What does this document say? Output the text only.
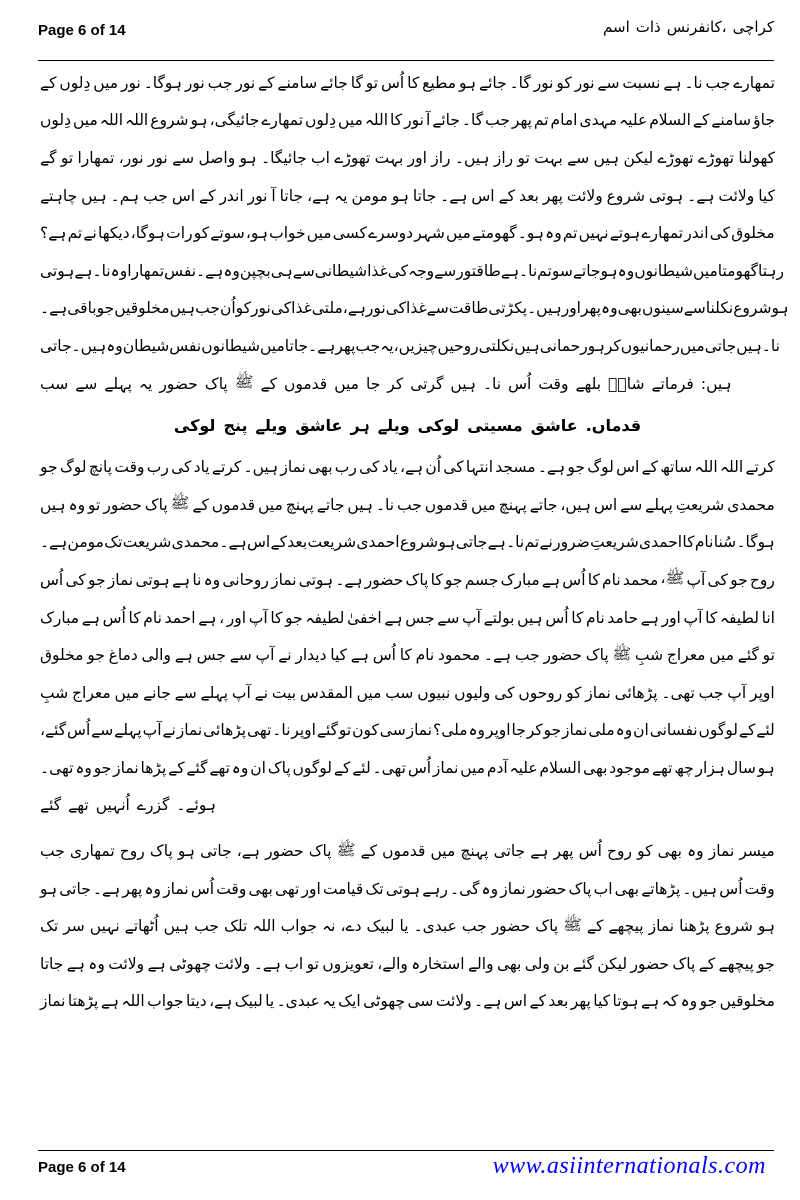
Page 6 of 14	اسم ذات کانفرنس، کراچی
کے دِلوں میں نور ہوگا۔ نور جب نور کے سامنے جائے گا تو اُس کا مطیع ہو جائے گا۔ نور کو نور سے نسبت ہے نا۔ جب تمھارے
دِلوں میں اللہ اللہ شروع ہو جائیگی، تمھارے دِلوں میں اللہ کا نور آ جائے گا۔ جب پھر تم امام مہدی علیہ السلام کے سامنے جاؤ
گے تو تمھارا نور، نور سے واصل ہو جائیگا۔ اب تھوڑے بہت اور راز ہیں۔ راز تو بہت سے ہیں لیکن تھوڑے تھوڑے کھولنا
چاہتے ہیں ہم۔ جب اس کے اندر نور آ جاتا ہے، یہ مومن ہو جاتا ہے۔ اس کے بعد پھر ولائت شروع ہوتی ہے۔ ولائت کیا
ہے؟ تم نے دیکھا ہوگا، رات کو سوتے ہو، خواب میں کسی دوسرے شہر میں گھومتے ہو۔ وہ تم نہیں ہوتے تمھارے اندر کی مخلوق
ہوتی ہے نا۔ وہ تمھارا نفس ہے۔ وہ بچپن ہی سے شیطانی غذا کی وجہ سے طاقتور ہے نا۔ تم سو جاتے ہو وہ شیطانوں میں گھومتا رہتا
ہے۔ باقی جو مخلوقیں ہیں جب اُن کو نور کی غذا ملتی ہے، نور کی غذا سے طاقت پکڑتی ہیں۔ اور پھر وہ بھی سینوں سے نکلنا شروع ہو
جاتی ہیں۔ وہ شیطان نفس شیطانوں میں جاتا ہے۔ پھر جب یہ چیزیں، روحیں نکلتی ہیں رحمانی ہو کر رحمانیوں میں جاتی ہیں نا۔
سب سے پہلے یہ حضور پاک ﷺ کے قدموں میں جا کر گرتی ہیں نا۔ اُس وقت بلھے شاہؒ فرماتے ہیں:
لوکی پنج ویلے عاشق ہر ویلے لوکی مسیتی عاشق قدماں.
جو لوگ پانچ وقت رب کی یاد کرتے ہیں۔ نماز بھی رب کی یاد ہے، اُن کی انتہا مسجد ہے۔ جو لوگ اس کے ساتھ اللہ اللہ کرتے
ہیں وہ تو حضور پاک ﷺ کے قدموں میں پہنچ جاتے ہیں نا۔ جب قدموں میں پہنچ جاتے ہیں، اس سے پہلے شریعتِ محمدی
ہے۔ مومن تک شریعت محمدی ہے۔ اس کے بعد شریعت احمدی شروع ہو جاتی ہے نا۔ تم نے ضرور شریعتِ احمدی کا نام سُنا ہوگا۔
اُس کی جو نماز ہوتی ہے نا وہ روحانی نماز ہوتی ہے۔ حضور پاک کا جو جسم مبارک ہے اُس کا نام محمد ﷺ، آپ کی جو روح
مبارک ہے اُس کا نام احمد ہے ، اور آپ کا جو لطیفہ اخفیٰ ہے جس سے آپ بولتے ہیں اُس کا نام حامد ہے اور آپ کا لطیفہ انا
مخلوق جو دماغ والی ہے جس سے آپ نے دیدار کیا ہے اُس کا نام محمود ہے۔ جب حضور پاک ﷺ شبِ معراج میں گئے تو
شبِ معراج میں جانے سے پہلے آپ نے بیت المقدس میں سب نبیوں ولیوں کی روحوں کو نماز پڑھائی تھی۔ جب آپ اوپر
گئے، اُس سے پہلے آپ نے نماز پڑھائی تھی نا۔ اوپر گئے تو کون سی نماز ملی؟ وہ اوپر جا کر جو نماز ملی وہ ان نفسانی لوگوں کے لئے
تھی۔ وہ جو نماز پڑھا کے گئے تھے وہ ان پاک لوگوں کے لئے تھی۔ اُس نماز میں آدم علیہ السلام بھی موجود تھے چھ ہزار سال ہو
گئے تھے اُنہیں گزرے ہوئے۔
جب تمھاری روح پاک ہو جاتی ہے، حضور پاک ﷺ کے قدموں میں پہنچ جاتی ہے پھر اُس روح کو بھی وہ نماز میسر
ہو جاتی ہے۔ پھر وہ نماز اُس وقت بھی تھی اور قیامت تک ہوتی رہے گی۔ وہ نماز حضور پاک اب بھی پڑھاتے ہیں۔ اُس وقت
تک سر نہیں اُٹھاتے ہیں جب تلک اللہ جواب نہ دے، لبیک یا عبدی۔ جب حضور پاک ﷺ کے پیچھے نماز پڑھنا شروع ہو
جاتا ہے وہ ولائت ہے چھوٹی ولائت ہے۔ اب تو تعویزوں والے، استخارہ والے بھی ولی بن گئے لیکن حضور پاک کے پیچھے جو
نماز پڑھتا ہے اللہ جواب دیتا ہے، لبیک یا عبدی۔ یہ ایک چھوٹی سی ولائت ہے۔ اس کے بعد پھر کیا ہوتا ہے کہ وہ جو مخلوقیں
Page 6 of 14	www.asiinternationals.com
